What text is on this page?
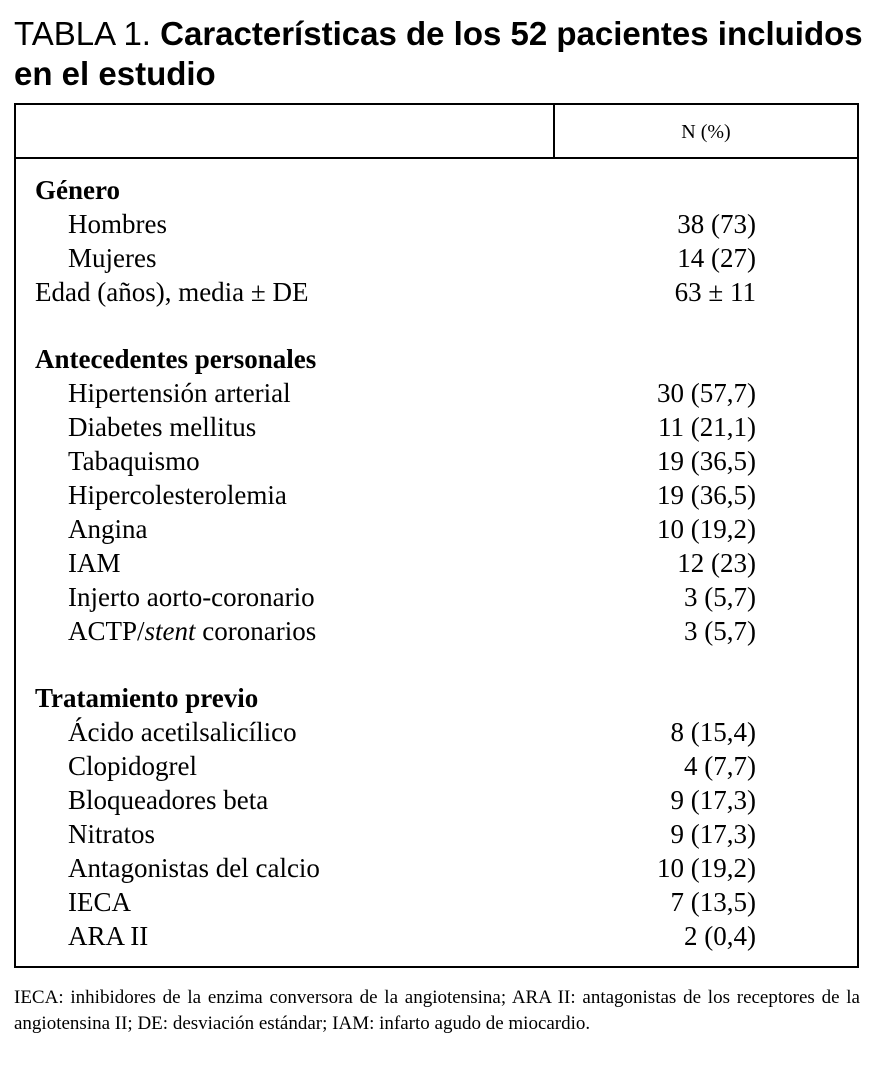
TABLA 1. Características de los 52 pacientes incluidos en el estudio
N (%)
Género
Hombres	38 (73)
Mujeres	14 (27)
Edad (años), media ± DE	63 ± 11
Antecedentes personales
Hipertensión arterial	30 (57,7)
Diabetes mellitus	11 (21,1)
Tabaquismo	19 (36,5)
Hipercolesterolemia	19 (36,5)
Angina	10 (19,2)
IAM	12 (23)
Injerto aorto-coronario	3 (5,7)
ACTP/stent coronarios	3 (5,7)
Tratamiento previo
Ácido acetilsalicílico	8 (15,4)
Clopidogrel	4 (7,7)
Bloqueadores beta	9 (17,3)
Nitratos	9 (17,3)
Antagonistas del calcio	10 (19,2)
IECA	7 (13,5)
ARA II	2 (0,4)
IECA: inhibidores de la enzima conversora de la angiotensina; ARA II: antagonistas de los receptores de la angiotensina II; DE: desviación estándar; IAM: infarto agudo de miocardio.
